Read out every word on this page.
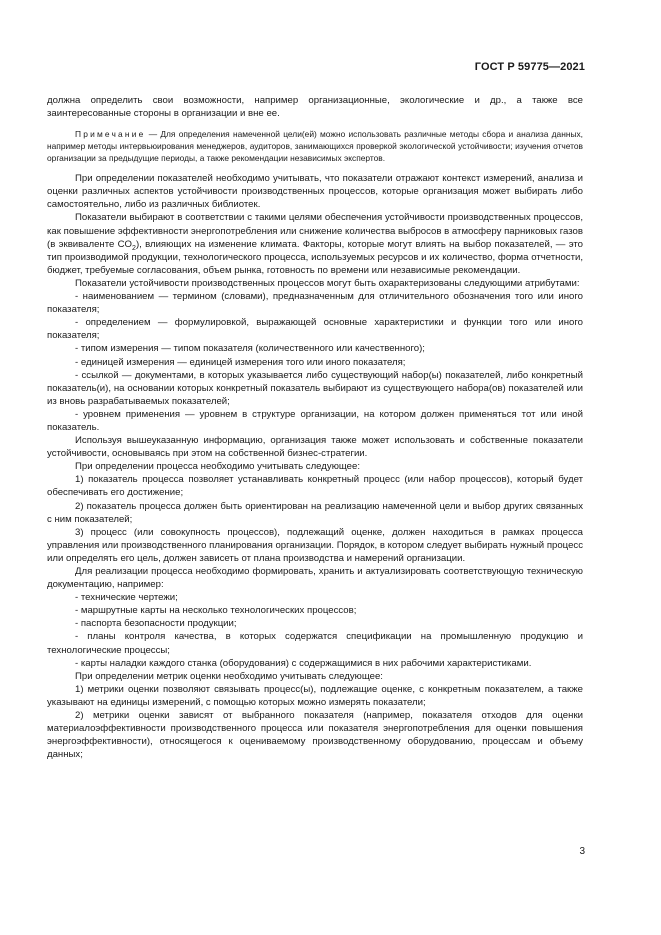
ГОСТ Р 59775—2021

должна определить свои возможности, например организационные, экологические и др., а также все заинтересованные стороны в организации и вне ее.

Примечание — Для определения намеченной цели(ей) можно использовать различные методы сбора и анализа данных, например методы интервьюирования менеджеров, аудиторов, занимающихся проверкой экологической устойчивости; изучения отчетов организации за предыдущие периоды, а также рекомендации независимых экспертов.

При определении показателей необходимо учитывать, что показатели отражают контекст измерений, анализа и оценки различных аспектов устойчивости производственных процессов, которые организация может выбирать либо самостоятельно, либо из различных библиотек.

Показатели выбирают в соответствии с такими целями обеспечения устойчивости производственных процессов, как повышение эффективности энергопотребления или снижение количества выбросов в атмосферу парниковых газов (в эквиваленте $CO_2$), влияющих на изменение климата. Факторы, которые могут влиять на выбор показателей, — это тип производимой продукции, технологического процесса, используемых ресурсов и их количество, форма отчетности, бюджет, требуемые согласования, объем рынка, готовность по времени или независимые рекомендации.

Показатели устойчивости производственных процессов могут быть охарактеризованы следующими атрибутами:

- наименованием — термином (словами), предназначенным для отличительного обозначения того или иного показателя;

- определением — формулировкой, выражающей основные характеристики и функции того или иного показателя;

- типом измерения — типом показателя (количественного или качественного);

- единицей измерения — единицей измерения того или иного показателя;

- ссылкой — документами, в которых указывается либо существующий набор(ы) показателей, либо конкретный показатель(и), на основании которых конкретный показатель выбирают из существующего набора(ов) показателей или из вновь разрабатываемых показателей;

- уровнем применения — уровнем в структуре организации, на котором должен применяться тот или иной показатель.

Используя вышеуказанную информацию, организация также может использовать и собственные показатели устойчивости, основываясь при этом на собственной бизнес-стратегии.

При определении процесса необходимо учитывать следующее:

1) показатель процесса позволяет устанавливать конкретный процесс (или набор процессов), который будет обеспечивать его достижение;

2) показатель процесса должен быть ориентирован на реализацию намеченной цели и выбор других связанных с ним показателей;

3) процесс (или совокупность процессов), подлежащий оценке, должен находиться в рамках процесса управления или производственного планирования организации. Порядок, в котором следует выбирать нужный процесс или определять его цель, должен зависеть от плана производства и намерений организации.

Для реализации процесса необходимо формировать, хранить и актуализировать соответствующую техническую документацию, например:

- технические чертежи;

- маршрутные карты на несколько технологических процессов;

- паспорта безопасности продукции;

- планы контроля качества, в которых содержатся спецификации на промышленную продукцию и технологические процессы;

- карты наладки каждого станка (оборудования) с содержащимися в них рабочими характеристиками.

При определении метрик оценки необходимо учитывать следующее:

1) метрики оценки позволяют связывать процесс(ы), подлежащие оценке, с конкретным показателем, а также указывают на единицы измерений, с помощью которых можно измерять показатели;

2) метрики оценки зависят от выбранного показателя (например, показателя отходов для оценки материалоэффективности производственного процесса или показателя энергопотребления для оценки повышения энергоэффективности), относящегося к оцениваемому производственному оборудованию, процессам и объему данных;

3
